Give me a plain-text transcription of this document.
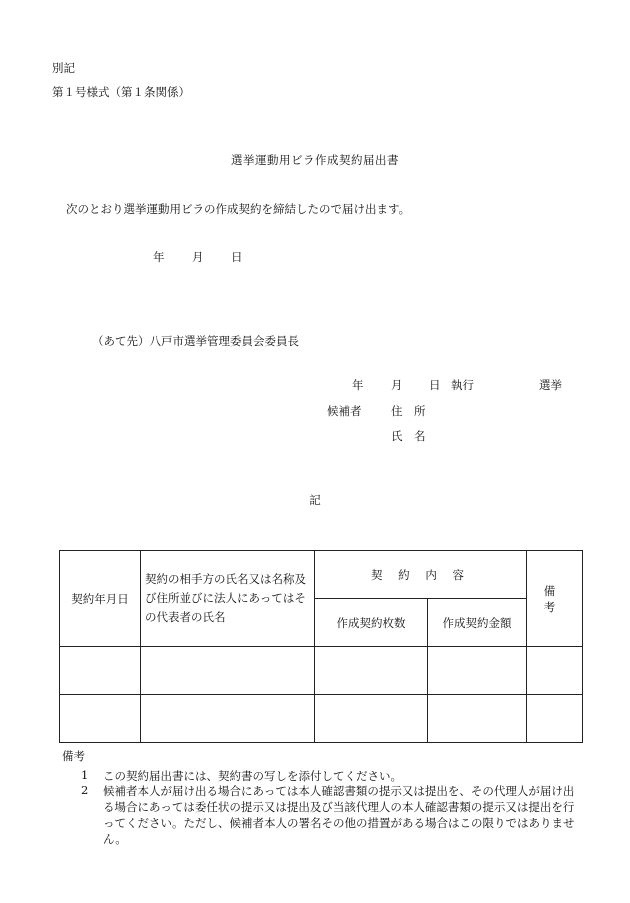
別記
第１号様式（第１条関係）
選挙運動用ビラ作成契約届出書
次のとおり選挙運動用ビラの作成契約を締結したので届け出ます。
年 月 日
（あて先）八戸市選挙管理委員会委員長
年 月 日 執行	選挙
候補者	住　所
氏　名
記
契約年月日	契約の相手方の氏名又は名称及び住所並びに法人にあってはその代表者の氏名	契 約 内 容		備 考
		作成契約枚数	作成契約金額	

備考
1 この契約届出書には、契約書の写しを添付してください。
2 候補者本人が届け出る場合にあっては本人確認書類の提示又は提出を、その代理人が届け出る場合にあっては委任状の提示又は提出及び当該代理人の本人確認書類の提示又は提出を行ってください。ただし、候補者本人の署名その他の措置がある場合はこの限りではありません。
